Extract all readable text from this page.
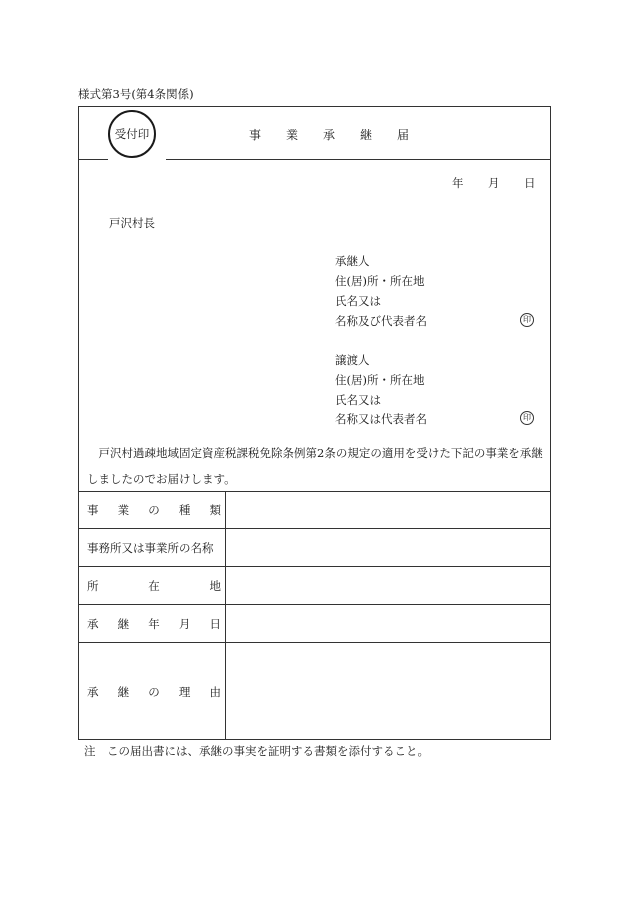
様式第3号(第4条関係)
受付印	事 業 承 継 届
年 月 日
戸沢村長
承継人
住(居)所・所在地
氏名又は
名称及び代表者名	印
譲渡人
住(居)所・所在地
氏名又は
名称又は代表者名	印
戸沢村過疎地域固定資産税課税免除条例第2条の規定の適用を受けた下記の事業を承継しましたのでお届けします。
事 業 の 種 類
事務所又は事業所の名称
所	在	地
承 継 年 月 日
承 継 の 理 由
注　この届出書には、承継の事実を証明する書類を添付すること。
